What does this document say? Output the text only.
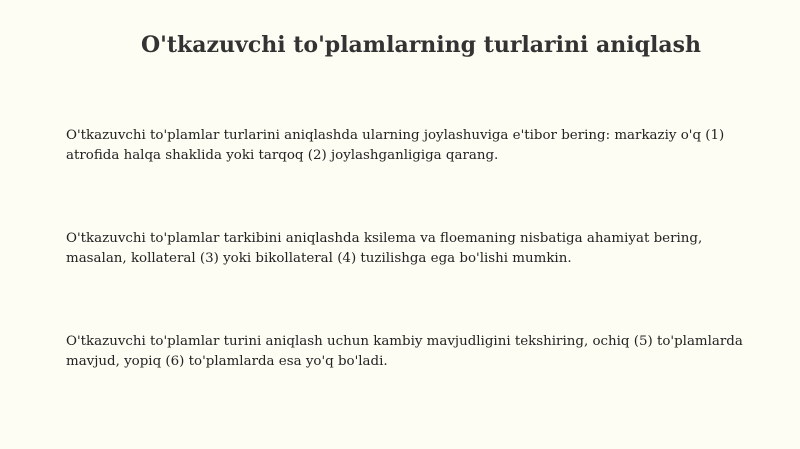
O'tkazuvchi to'plamlarning turlarini aniqlash

O'tkazuvchi to'plamlar turlarini aniqlashda ularning joylashuviga e'tibor bering: markaziy o'q (1) atrofida halqa shaklida yoki tarqoq (2) joylashganligiga qarang.

O'tkazuvchi to'plamlar tarkibini aniqlashda ksilema va floemaning nisbatiga ahamiyat bering, masalan, kollateral (3) yoki bikollateral (4) tuzilishga ega bo'lishi mumkin.

O'tkazuvchi to'plamlar turini aniqlash uchun kambiy mavjudligini tekshiring, ochiq (5) to'plamlarda mavjud, yopiq (6) to'plamlarda esa yo'q bo'ladi.
